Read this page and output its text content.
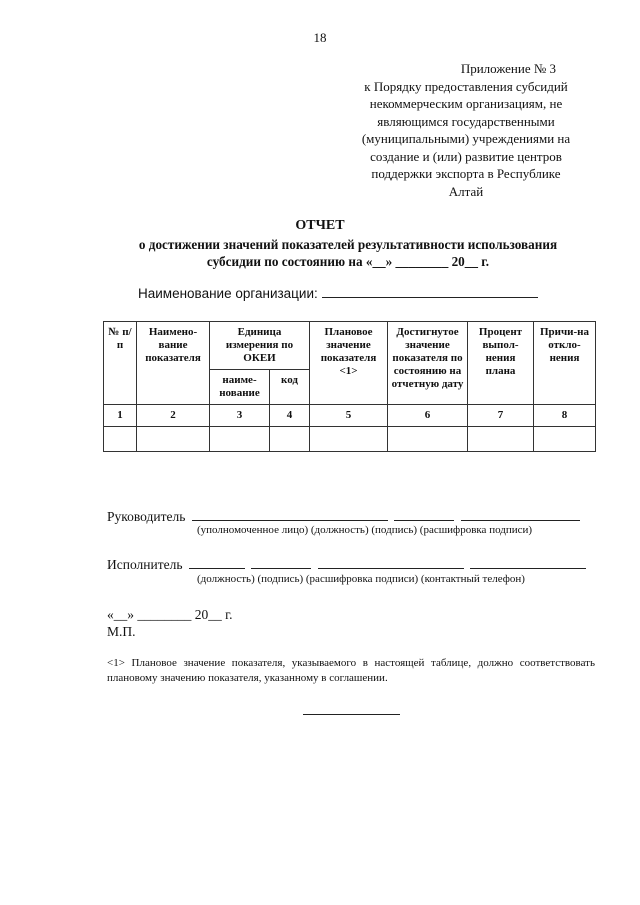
18
Приложение № 3
к Порядку предоставления субсидий
некоммерческим организациям, не
являющимся государственными
(муниципальными) учреждениями на
создание и (или) развитие центров
поддержки экспорта в Республике
Алтай
ОТЧЕТ
о достижении значений показателей результативности использования
субсидии по состоянию на «__» ________ 20__ г.
Наименование организации:
№ п/п	Наимено-вание показателя	Единица измерения по ОКЕИ		Плановое значение показателя <1>	Достигнутое значение показателя по состоянию на отчетную дату	Процент выпол-нения плана	Причи-на откло-нения
		наиме-нование	код				
1	2	3	4	5	6	7	8

Руководитель
(уполномоченное лицо) (должность) (подпись) (расшифровка подписи)
Исполнитель
(должность) (подпись) (расшифровка подписи) (контактный телефон)
«__» ________ 20__ г.
М.П.
<1> Плановое значение показателя, указываемого в настоящей таблице, должно соответствовать плановому значению показателя, указанному в соглашении.
